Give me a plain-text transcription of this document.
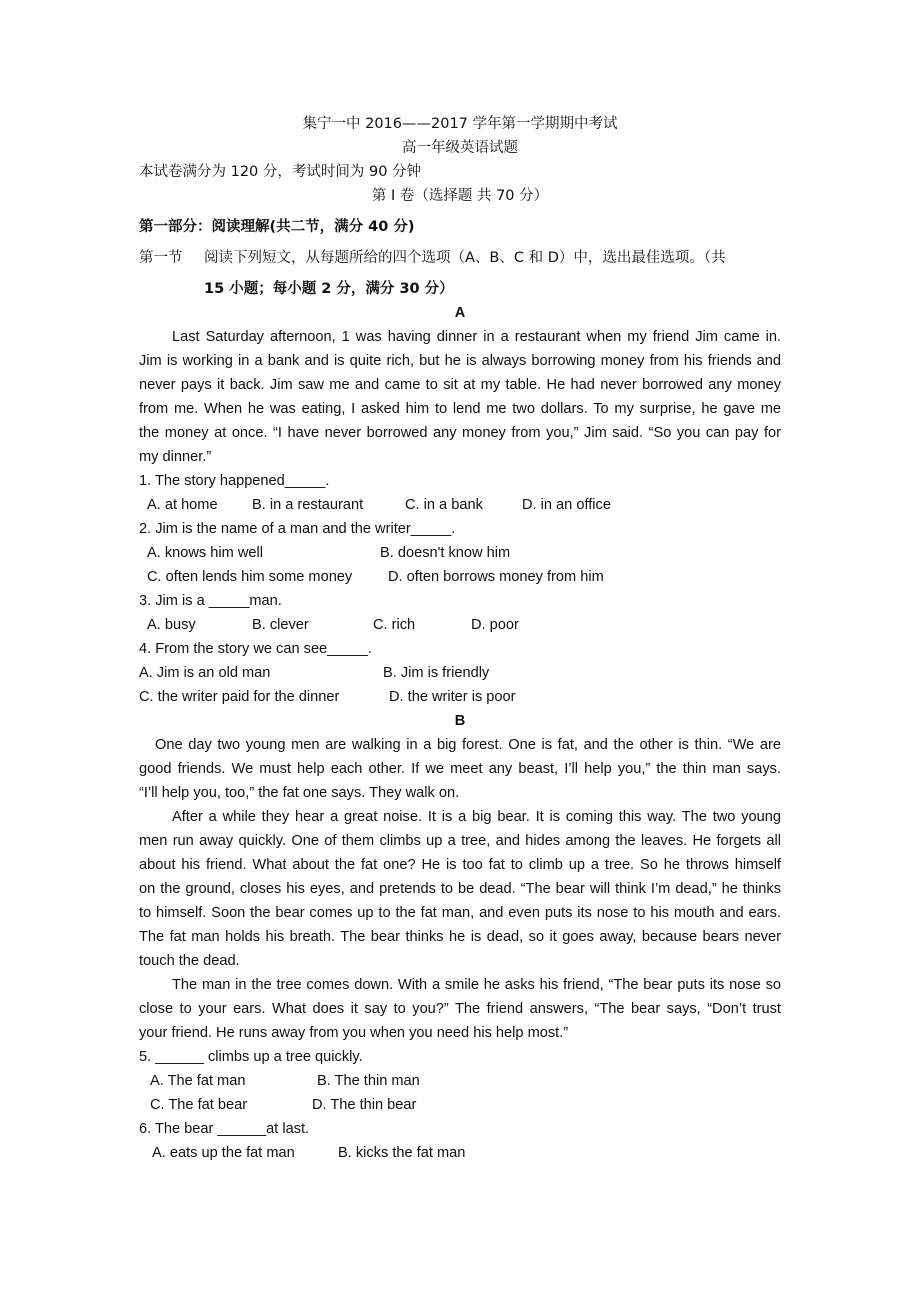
集宁一中 2016——2017 学年第一学期期中考试
高一年级英语试题
本试卷满分为 120 分，考试时间为 90 分钟
第 I 卷（选择题 共 70 分）
第一部分：阅读理解(共二节，满分 40 分)
第一节 阅读下列短文，从每题所给的四个选项（A、B、C 和 D）中，选出最佳选项。（共
15 小题；每小题 2 分，满分 30 分）
A
Last Saturday afternoon, 1 was having dinner in a restaurant when my friend Jim came in.
Jim is working in a bank and is quite rich, but he is always borrowing money from his friends and
never pays it back. Jim saw me and came to sit at my table. He had never borrowed any money
from me. When he was eating, I asked him to lend me two dollars. To my surprise, he gave me
the money at once. “I have never borrowed any money from you,” Jim said. “So you can pay for
my dinner.”
1. The story happened_____.
A. at home B. in a restaurant	C. in a bank	D. in an office
2. Jim is the name of a man and the writer_____.
A. knows him well	B. doesn't know him
C. often lends him some money D. often borrows money from him
3. Jim is a _____man.
A. busy	B. clever	C. rich	D. poor
4. From the story we can see_____.
A. Jim is an old man	B. Jim is friendly
C. the writer paid for the dinner	D. the writer is poor
B
One day two young men are walking in a big forest. One is fat, and the other is thin. “We are
good friends. We must help each other. If we meet any beast, I’ll help you,” the thin man says.
“I’ll help you, too,” the fat one says. They walk on.
After a while they hear a great noise. It is a big bear. It is coming this way. The two young
men run away quickly. One of them climbs up a tree, and hides among the leaves. He forgets all
about his friend. What about the fat one? He is too fat to climb up a tree. So he throws himself
on the ground, closes his eyes, and pretends to be dead. “The bear will think I’m dead,” he thinks
to himself. Soon the bear comes up to the fat man, and even puts its nose to his mouth and ears.
The fat man holds his breath. The bear thinks he is dead, so it goes away, because bears never
touch the dead.
The man in the tree comes down. With a smile he asks his friend, “The bear puts its nose so
close to your ears. What does it say to you?” The friend answers, “The bear says, “Don’t trust
your friend. He runs away from you when you need his help most.”
5. ______ climbs up a tree quickly.
A. The fat man	B. The thin man
C. The fat bear	D. The thin bear
6. The bear ______at last.
A. eats up the fat man	B. kicks the fat man
